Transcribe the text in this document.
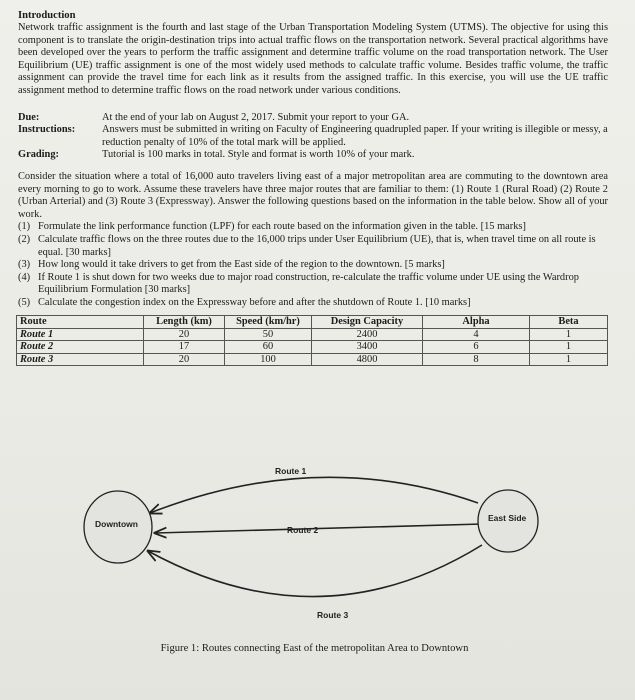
Introduction

Network traffic assignment is the fourth and last stage of the Urban Transportation Modeling System (UTMS). The objective for using this component is to translate the origin-destination trips into actual traffic flows on the transportation network. Several practical algorithms have been developed over the years to perform the traffic assignment and determine traffic volume on the road transportation network. The User Equilibrium (UE) traffic assignment is one of the most widely used methods to calculate traffic volume. Besides traffic volume, the traffic assignment can provide the travel time for each link as it results from the assigned traffic. In this exercise, you will use the UE traffic assignment method to determine traffic flows on the road network under various conditions.

Due:	At the end of your lab on August 2, 2017. Submit your report to your GA.
Instructions:	Answers must be submitted in writing on Faculty of Engineering quadrupled paper. If your writing is illegible or messy, a reduction penalty of 10% of the total mark will be applied.
Grading:	Tutorial is 100 marks in total. Style and format is worth 10% of your mark.

Consider the situation where a total of 16,000 auto travelers living east of a major metropolitan area are commuting to the downtown area every morning to go to work. Assume these travelers have three major routes that are familiar to them: (1) Route 1 (Rural Road) (2) Route 2 (Urban Arterial) and (3) Route 3 (Expressway). Answer the following questions based on the information in the table below. Show all of your work.

(1) Formulate the link performance function (LPF) for each route based on the information given in the table. [15 marks]
(2) Calculate traffic flows on the three routes due to the 16,000 trips under User Equilibrium (UE), that is, when travel time on all route is equal. [30 marks]
(3) How long would it take drivers to get from the East side of the region to the downtown. [5 marks]
(4) If Route 1 is shut down for two weeks due to major road construction, re-calculate the traffic volume under UE using the Wardrop Equilibrium Formulation [30 marks]
(5) Calculate the congestion index on the Expressway before and after the shutdown of Route 1. [10 marks]
Route	Length (km)	Speed (km/hr)	Design Capacity	Alpha	Beta
Route 1	20	50	2400	4	1
Route 2	17	60	3400	6	1
Route 3	20	100	4800	8	1
Downtown
East Side
Route 1
Route 2
Route 3
Figure 1: Routes connecting East of the metropolitan Area to Downtown
